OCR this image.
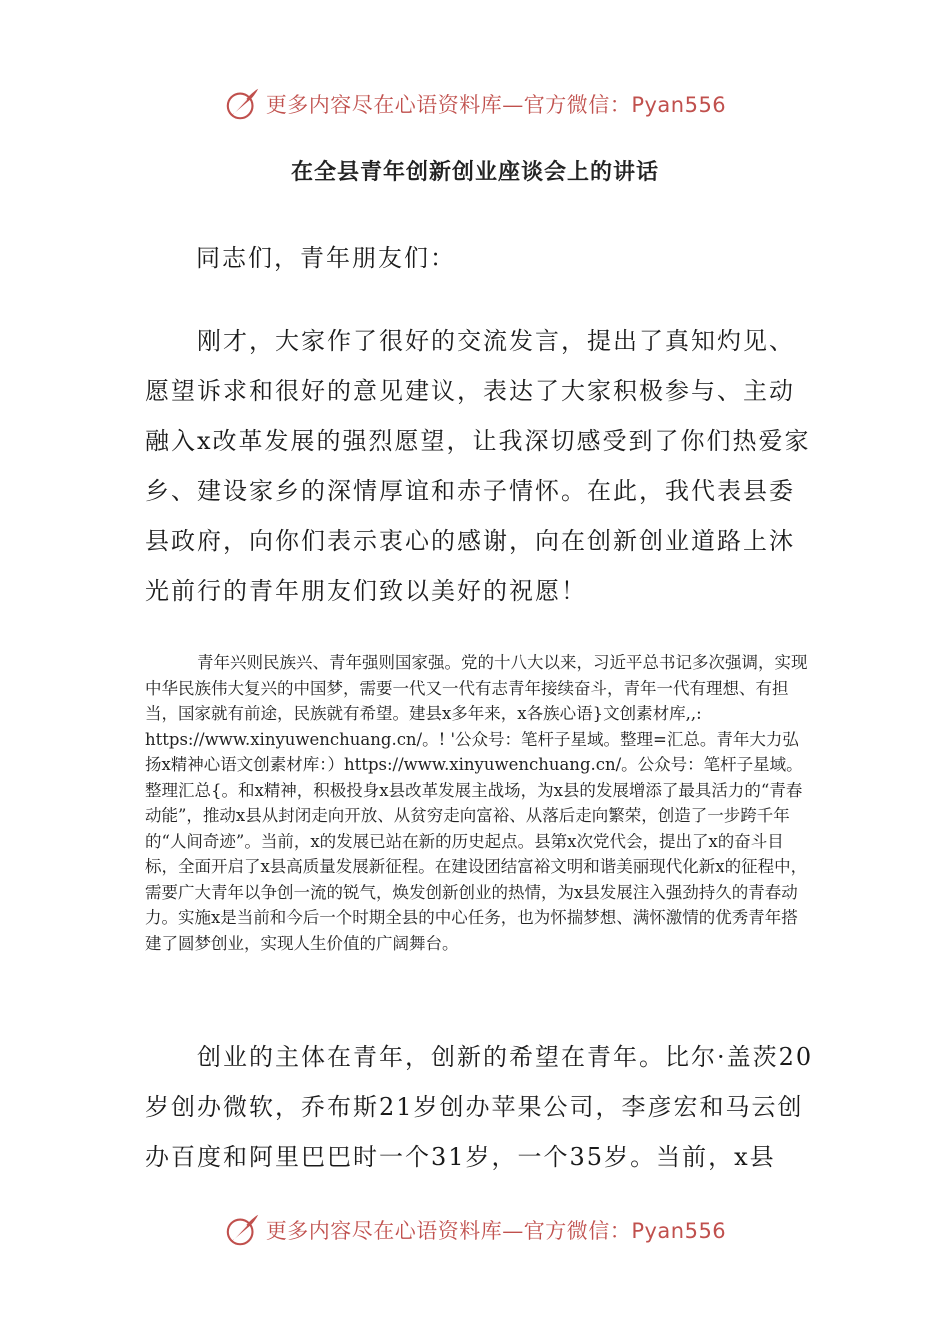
更多内容尽在心语资料库—官方微信：Pyan556
在全县青年创新创业座谈会上的讲话
同志们，青年朋友们：

刚才，大家作了很好的交流发言，提出了真知灼见、愿望诉求和很好的意见建议，表达了大家积极参与、主动融入x改革发展的强烈愿望，让我深切感受到了你们热爱家乡、建设家乡的深情厚谊和赤子情怀。在此，我代表县委县政府，向你们表示衷心的感谢，向在创新创业道路上沐光前行的青年朋友们致以美好的祝愿！

青年兴则民族兴、青年强则国家强。党的十八大以来，习近平总书记多次强调，实现中华民族伟大复兴的中国梦，需要一代又一代有志青年接续奋斗，青年一代有理想、有担当，国家就有前途，民族就有希望。建县x多年来，x各族心语}文创素材库,,: https://www.xinyuwenchuang.cn/。! '公众号：笔杆子星域。整理=汇总。青年大力弘扬x精神心语文创素材库：）https://www.xinyuwenchuang.cn/。公众号：笔杆子星域。整理汇总{。和x精神，积极投身x县改革发展主战场，为x县的发展增添了最具活力的“青春动能”，推动x县从封闭走向开放、从贫穷走向富裕、从落后走向繁荣，创造了一步跨千年的“人间奇迹”。当前，x的发展已站在新的历史起点。县第x次党代会，提出了x的奋斗目标，全面开启了x县高质量发展新征程。在建设团结富裕文明和谐美丽现代化新x的征程中，需要广大青年以争创一流的锐气，焕发创新创业的热情，为x县发展注入强劲持久的青春动力。实施x是当前和今后一个时期全县的中心任务，也为怀揣梦想、满怀激情的优秀青年搭建了圆梦创业，实现人生价值的广阔舞台。

创业的主体在青年，创新的希望在青年。比尔·盖茨20岁创办微软，乔布斯21岁创办苹果公司，李彦宏和马云创办百度和阿里巴巴时一个31岁，一个35岁。当前，x县

更多内容尽在心语资料库—官方微信：Pyan556
